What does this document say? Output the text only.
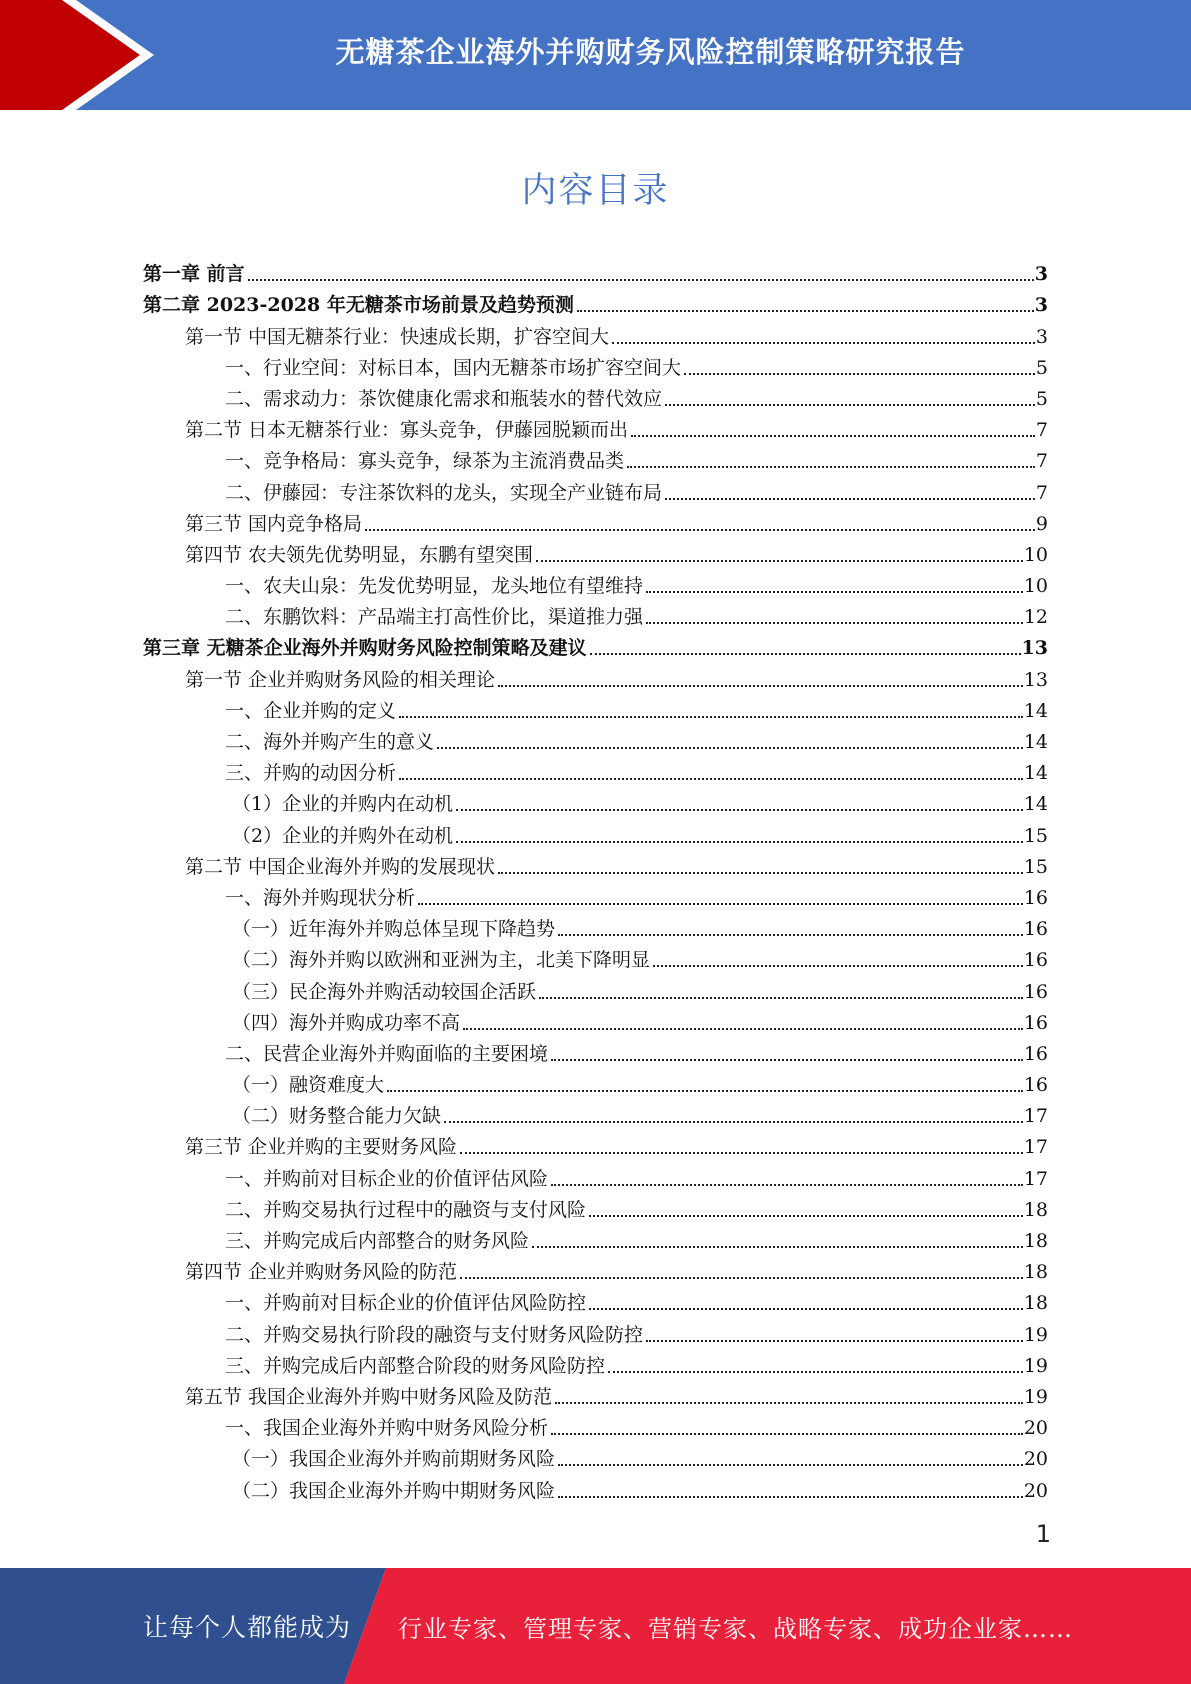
无糖茶企业海外并购财务风险控制策略研究报告
内容目录
第一章 前言	3
第二章 2023-2028 年无糖茶市场前景及趋势预测	3
第一节 中国无糖茶行业：快速成长期，扩容空间大	3
一、行业空间：对标日本，国内无糖茶市场扩容空间大	5
二、需求动力：茶饮健康化需求和瓶装水的替代效应	5
第二节 日本无糖茶行业：寡头竞争，伊藤园脱颖而出	7
一、竞争格局：寡头竞争，绿茶为主流消费品类	7
二、伊藤园：专注茶饮料的龙头，实现全产业链布局	7
第三节 国内竞争格局	9
第四节 农夫领先优势明显，东鹏有望突围	10
一、农夫山泉：先发优势明显，龙头地位有望维持	10
二、东鹏饮料：产品端主打高性价比，渠道推力强	12
第三章 无糖茶企业海外并购财务风险控制策略及建议	13
第一节 企业并购财务风险的相关理论	13
一、企业并购的定义	14
二、海外并购产生的意义	14
三、并购的动因分析	14
（1）企业的并购内在动机	14
（2）企业的并购外在动机	15
第二节 中国企业海外并购的发展现状	15
一、海外并购现状分析	16
（一）近年海外并购总体呈现下降趋势	16
（二）海外并购以欧洲和亚洲为主，北美下降明显	16
（三）民企海外并购活动较国企活跃	16
（四）海外并购成功率不高	16
二、民营企业海外并购面临的主要困境	16
（一）融资难度大	16
（二）财务整合能力欠缺	17
第三节 企业并购的主要财务风险	17
一、并购前对目标企业的价值评估风险	17
二、并购交易执行过程中的融资与支付风险	18
三、并购完成后内部整合的财务风险	18
第四节 企业并购财务风险的防范	18
一、并购前对目标企业的价值评估风险防控	18
二、并购交易执行阶段的融资与支付财务风险防控	19
三、并购完成后内部整合阶段的财务风险防控	19
第五节 我国企业海外并购中财务风险及防范	19
一、我国企业海外并购中财务风险分析	20
（一）我国企业海外并购前期财务风险	20
（二）我国企业海外并购中期财务风险	20
1
让每个人都能成为 行业专家、管理专家、营销专家、战略专家、成功企业家……
